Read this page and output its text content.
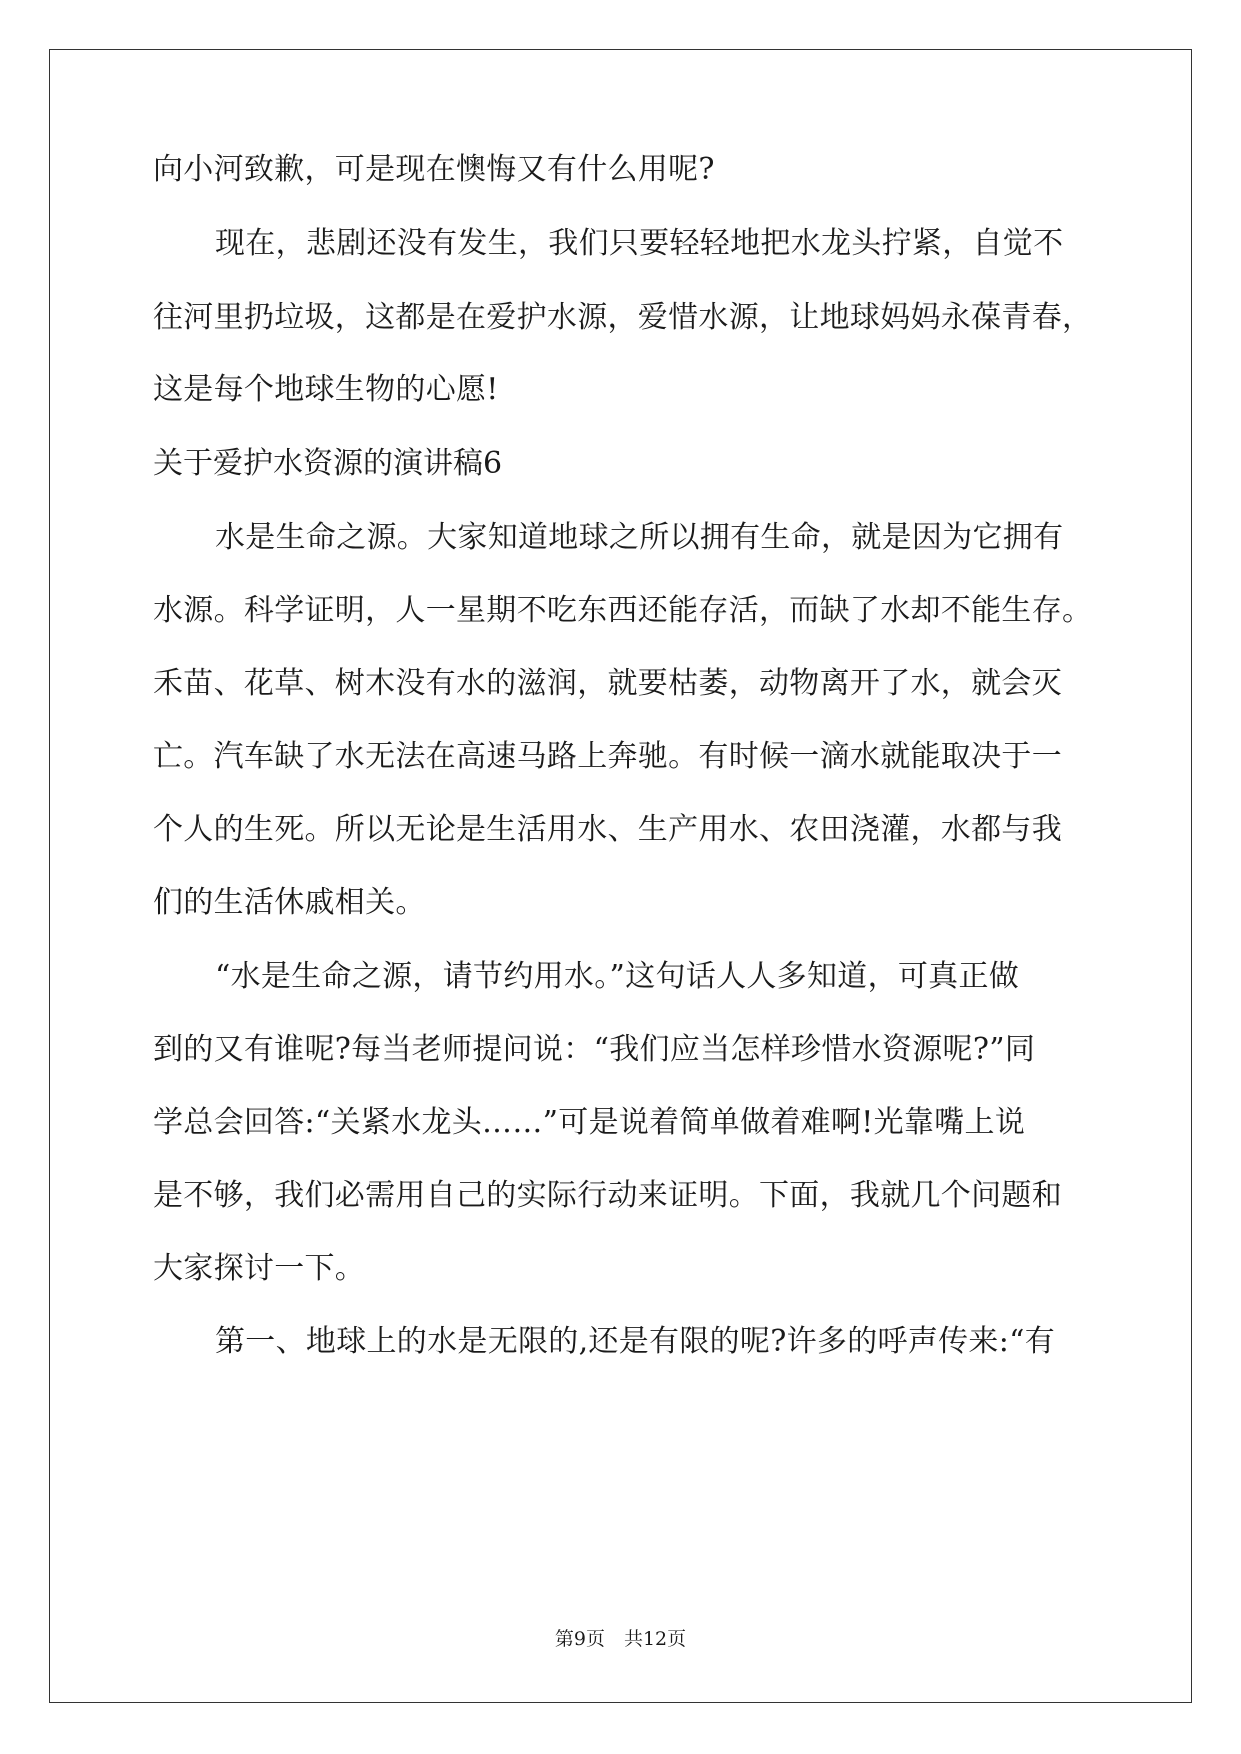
向小河致歉，可是现在懊悔又有什么用呢?
现在，悲剧还没有发生，我们只要轻轻地把水龙头拧紧，自觉不
往河里扔垃圾，这都是在爱护水源，爱惜水源，让地球妈妈永葆青春，
这是每个地球生物的心愿!
关于爱护水资源的演讲稿6
水是生命之源。大家知道地球之所以拥有生命，就是因为它拥有
水源。科学证明，人一星期不吃东西还能存活，而缺了水却不能生存。
禾苗、花草、树木没有水的滋润，就要枯萎，动物离开了水，就会灭
亡。汽车缺了水无法在高速马路上奔驰。有时候一滴水就能取决于一
个人的生死。所以无论是生活用水、生产用水、农田浇灌，水都与我
们的生活休戚相关。
“水是生命之源，请节约用水。”这句话人人多知道，可真正做
到的又有谁呢?每当老师提问说：“我们应当怎样珍惜水资源呢?”同
学总会回答:“关紧水龙头……”可是说着简单做着难啊!光靠嘴上说
是不够，我们必需用自己的实际行动来证明。下面，我就几个问题和
大家探讨一下。
第一、地球上的水是无限的,还是有限的呢?许多的呼声传来:“有
第9页　共12页
